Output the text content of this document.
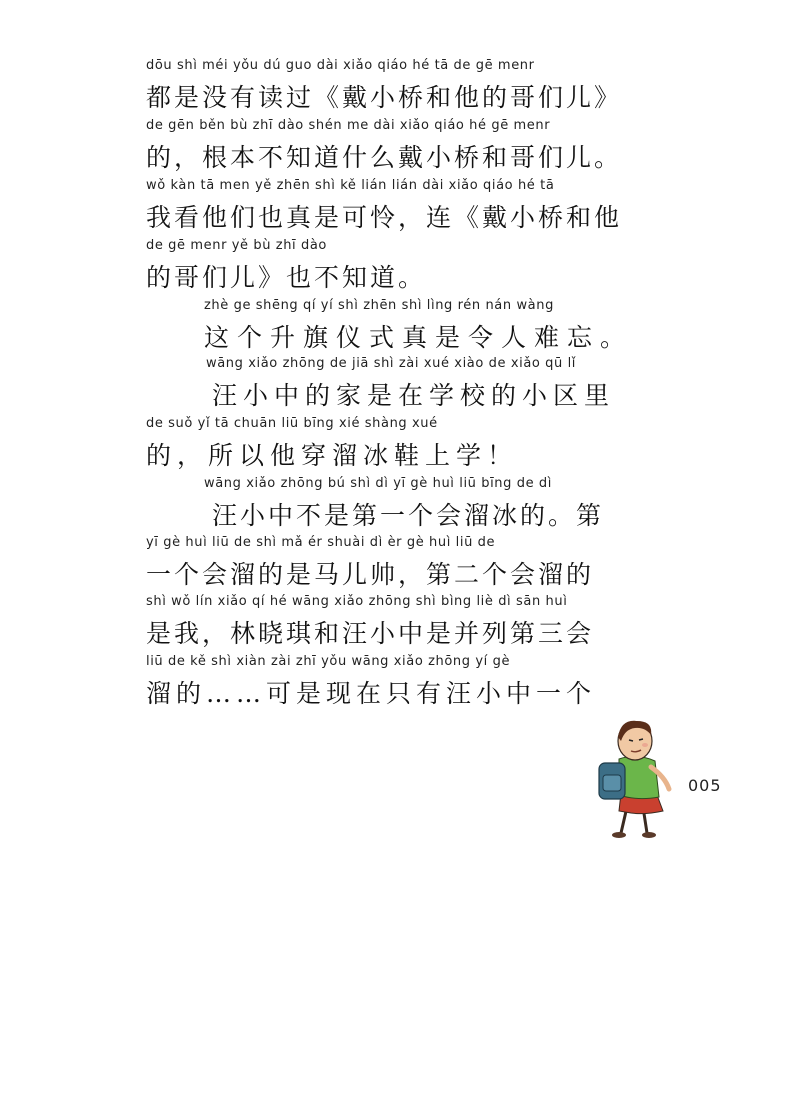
dōu shì méi yǒu dú guo dài xiǎo qiáo hé tā de gē menr
都是没有读过《戴小桥和他的哥们儿》
de gēn běn bù zhī dào shén me dài xiǎo qiáo hé gē menr
的，根本不知道什么戴小桥和哥们儿。
wǒ kàn tā men yě zhēn shì kě lián lián dài xiǎo qiáo hé tā
我看他们也真是可怜，连《戴小桥和他
de gē menr yě bù zhī dào
的哥们儿》也不知道。
zhè ge shēng qí yí shì zhēn shì lìng rén nán wàng
这个升旗仪式真是令人难忘。
wāng xiǎo zhōng de jiā shì zài xué xiào de xiǎo qū lǐ
汪小中的家是在学校的小区里
de suǒ yǐ tā chuān liū bīng xié shàng xué
的，所以他穿溜冰鞋上学！
wāng xiǎo zhōng bú shì dì yī gè huì liū bīng de dì
汪小中不是第一个会溜冰的。第
yī gè huì liū de shì mǎ ér shuài dì èr gè huì liū de
一个会溜的是马儿帅，第二个会溜的
shì wǒ lín xiǎo qí hé wāng xiǎo zhōng shì bìng liè dì sān huì
是我，林晓琪和汪小中是并列第三会
liū de kě shì xiàn zài zhī yǒu wāng xiǎo zhōng yí gè
溜的……可是现在只有汪小中一个
005
